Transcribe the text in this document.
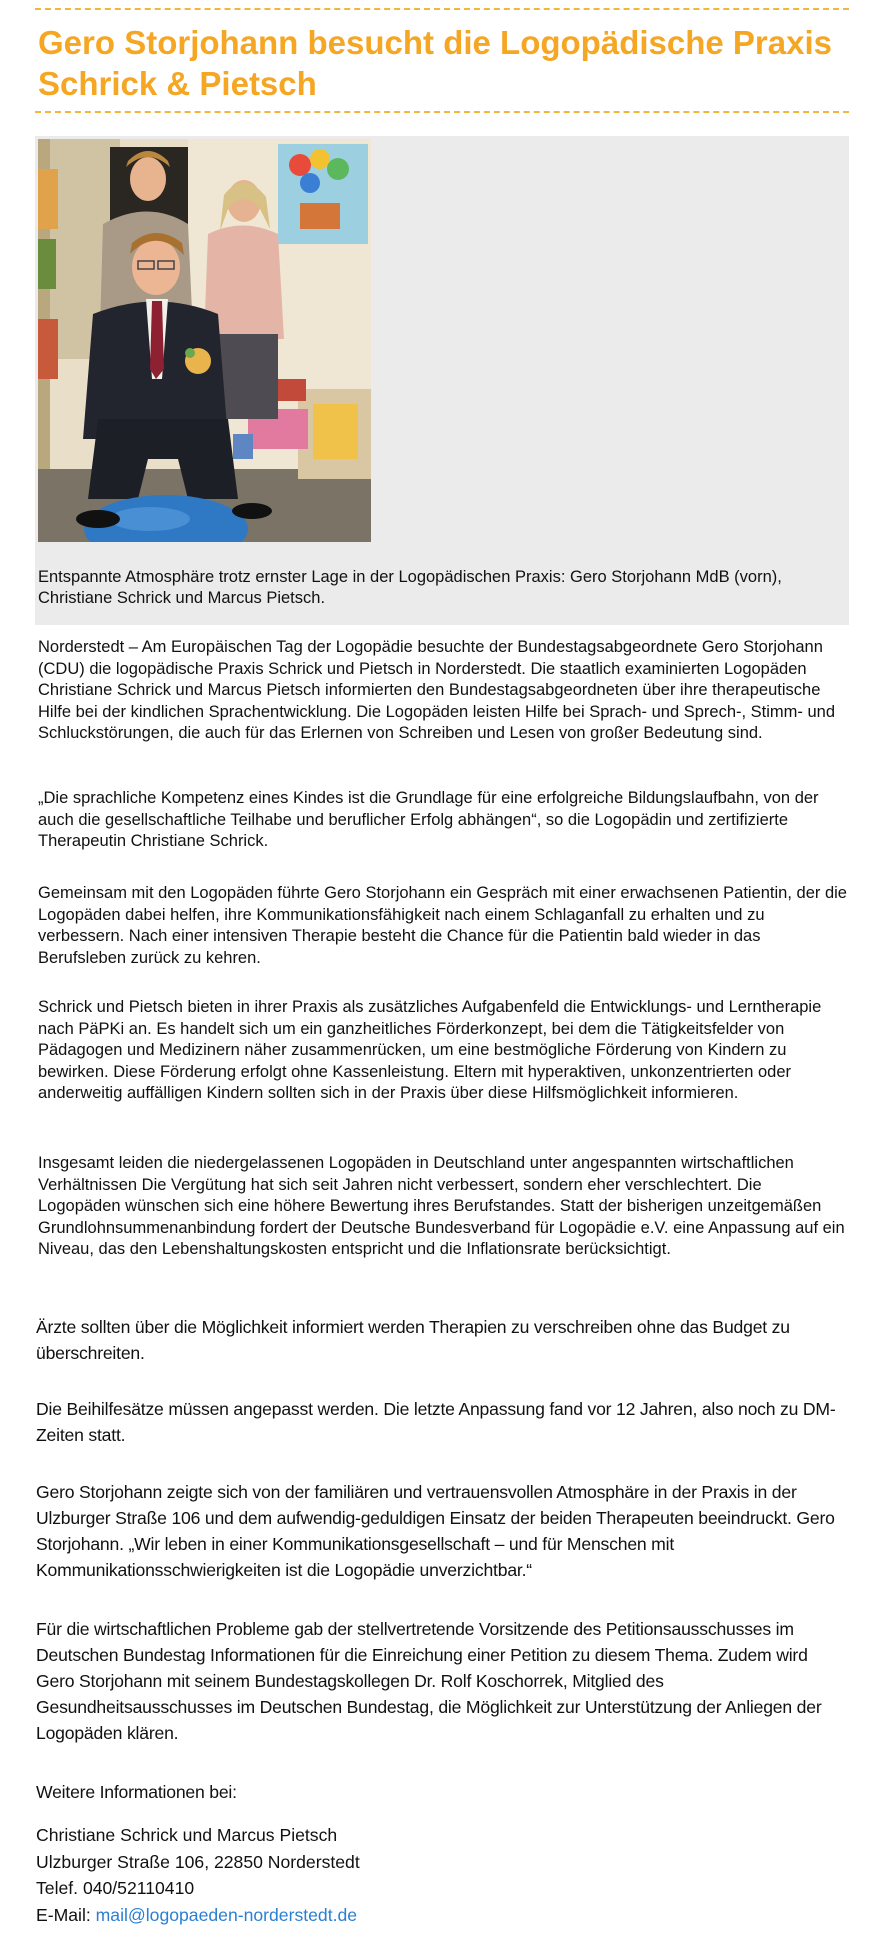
Gero Storjohann besucht die Logopädische Praxis Schrick & Pietsch

Entspannte Atmosphäre trotz ernster Lage in der Logopädischen Praxis: Gero Storjohann MdB (vorn), Christiane Schrick und Marcus Pietsch.

Norderstedt – Am Europäischen Tag der Logopädie besuchte der Bundestagsabgeordnete Gero Storjohann (CDU) die logopädische Praxis Schrick und Pietsch in Norderstedt. Die staatlich examinierten Logopäden Christiane Schrick und Marcus Pietsch informierten den Bundestagsabgeordneten über ihre therapeutische Hilfe bei der kindlichen Sprachentwicklung. Die Logopäden leisten Hilfe bei Sprach- und Sprech-, Stimm- und Schluckstörungen, die auch für das Erlernen von Schreiben und Lesen von großer Bedeutung sind.

„Die sprachliche Kompetenz eines Kindes ist die Grundlage für eine erfolgreiche Bildungslaufbahn, von der auch die gesellschaftliche Teilhabe und beruflicher Erfolg abhängen“, so die Logopädin und zertifizierte Therapeutin Christiane Schrick.

Gemeinsam mit den Logopäden führte Gero Storjohann ein Gespräch mit einer erwachsenen Patientin, der die Logopäden dabei helfen, ihre Kommunikationsfähigkeit nach einem Schlaganfall zu erhalten und zu verbessern. Nach einer intensiven Therapie besteht die Chance für die Patientin bald wieder in das Berufsleben zurück zu kehren.

Schrick und Pietsch bieten in ihrer Praxis als zusätzliches Aufgabenfeld die Entwicklungs- und Lerntherapie nach PäPKi an. Es handelt sich um ein ganzheitliches Förderkonzept, bei dem die Tätigkeitsfelder von Pädagogen und Medizinern näher zusammenrücken, um eine bestmögliche Förderung von Kindern zu bewirken. Diese Förderung erfolgt ohne Kassenleistung. Eltern mit hyperaktiven, unkonzentrierten oder anderweitig auffälligen Kindern sollten sich in der Praxis über diese Hilfsmöglichkeit informieren.

Insgesamt leiden die niedergelassenen Logopäden in Deutschland unter angespannten wirtschaftlichen Verhältnissen Die Vergütung hat sich seit Jahren nicht verbessert, sondern eher verschlechtert. Die Logopäden wünschen sich eine höhere Bewertung ihres Berufstandes. Statt der bisherigen unzeitgemäßen Grundlohnsummenanbindung fordert der Deutsche Bundesverband für Logopädie e.V. eine Anpassung auf ein Niveau, das den Lebenshaltungskosten entspricht und die Inflationsrate berücksichtigt.

Ärzte sollten über die Möglichkeit informiert werden Therapien zu verschreiben ohne das Budget zu überschreiten.

Die Beihilfesätze müssen angepasst werden. Die letzte Anpassung fand vor 12 Jahren, also noch zu DM-Zeiten statt.

Gero Storjohann zeigte sich von der familiären und vertrauensvollen Atmosphäre in der Praxis in der Ulzburger Straße 106 und dem aufwendig-geduldigen Einsatz der beiden Therapeuten beeindruckt. Gero Storjohann. „Wir leben in einer Kommunikationsgesellschaft – und für Menschen mit Kommunikationsschwierigkeiten ist die Logopädie unverzichtbar.“

Für die wirtschaftlichen Probleme gab der stellvertretende Vorsitzende des Petitionsausschusses im Deutschen Bundestag Informationen für die Einreichung einer Petition zu diesem Thema. Zudem wird Gero Storjohann mit seinem Bundestagskollegen Dr. Rolf Koschorrek, Mitglied des Gesundheitsausschusses im Deutschen Bundestag, die Möglichkeit zur Unterstützung der Anliegen der Logopäden klären.

Weitere Informationen bei:

Christiane Schrick und Marcus Pietsch
Ulzburger Straße 106, 22850 Norderstedt
Telef. 040/52110410
E-Mail: mail@logopaeden-norderstedt.de
